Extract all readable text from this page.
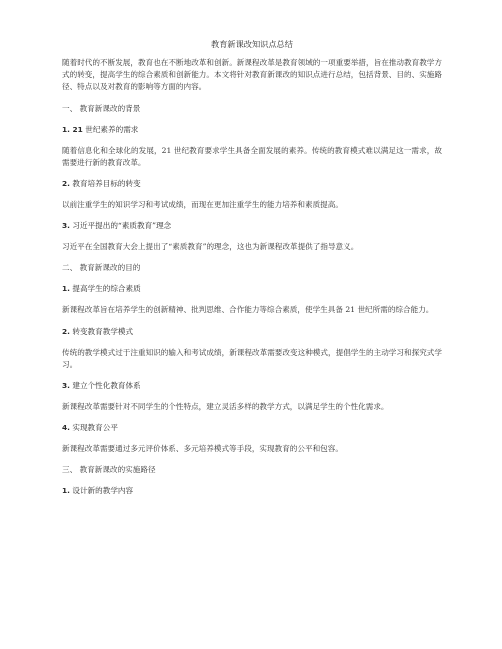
教育新课改知识点总结
随着时代的不断发展，教育也在不断地改革和创新。新课程改革是教育领域的一项重要举措，旨在推动教育教学方式的转变，提高学生的综合素质和创新能力。本文将针对教育新课改的知识点进行总结，包括背景、目的、实施路径、特点以及对教育的影响等方面的内容。
一、 教育新课改的背景
1. 21 世纪素养的需求
随着信息化和全球化的发展，21 世纪教育要求学生具备全面发展的素养。传统的教育模式难以满足这一需求，故需要进行新的教育改革。
2. 教育培养目标的转变
以前注重学生的知识学习和考试成绩，而现在更加注重学生的能力培养和素质提高。
3. 习近平提出的“素质教育”理念
习近平在全国教育大会上提出了“素质教育”的理念，这也为新课程改革提供了指导意义。
二、 教育新课改的目的
1. 提高学生的综合素质
新课程改革旨在培养学生的创新精神、批判思维、合作能力等综合素质，使学生具备 21 世纪所需的综合能力。
2. 转变教育教学模式
传统的教学模式过于注重知识的输入和考试成绩，新课程改革需要改变这种模式，提倡学生的主动学习和探究式学习。
3. 建立个性化教育体系
新课程改革需要针对不同学生的个性特点，建立灵活多样的教学方式，以满足学生的个性化需求。
4. 实现教育公平
新课程改革需要通过多元评价体系、多元培养模式等手段，实现教育的公平和包容。
三、 教育新课改的实施路径
1. 设计新的教学内容
